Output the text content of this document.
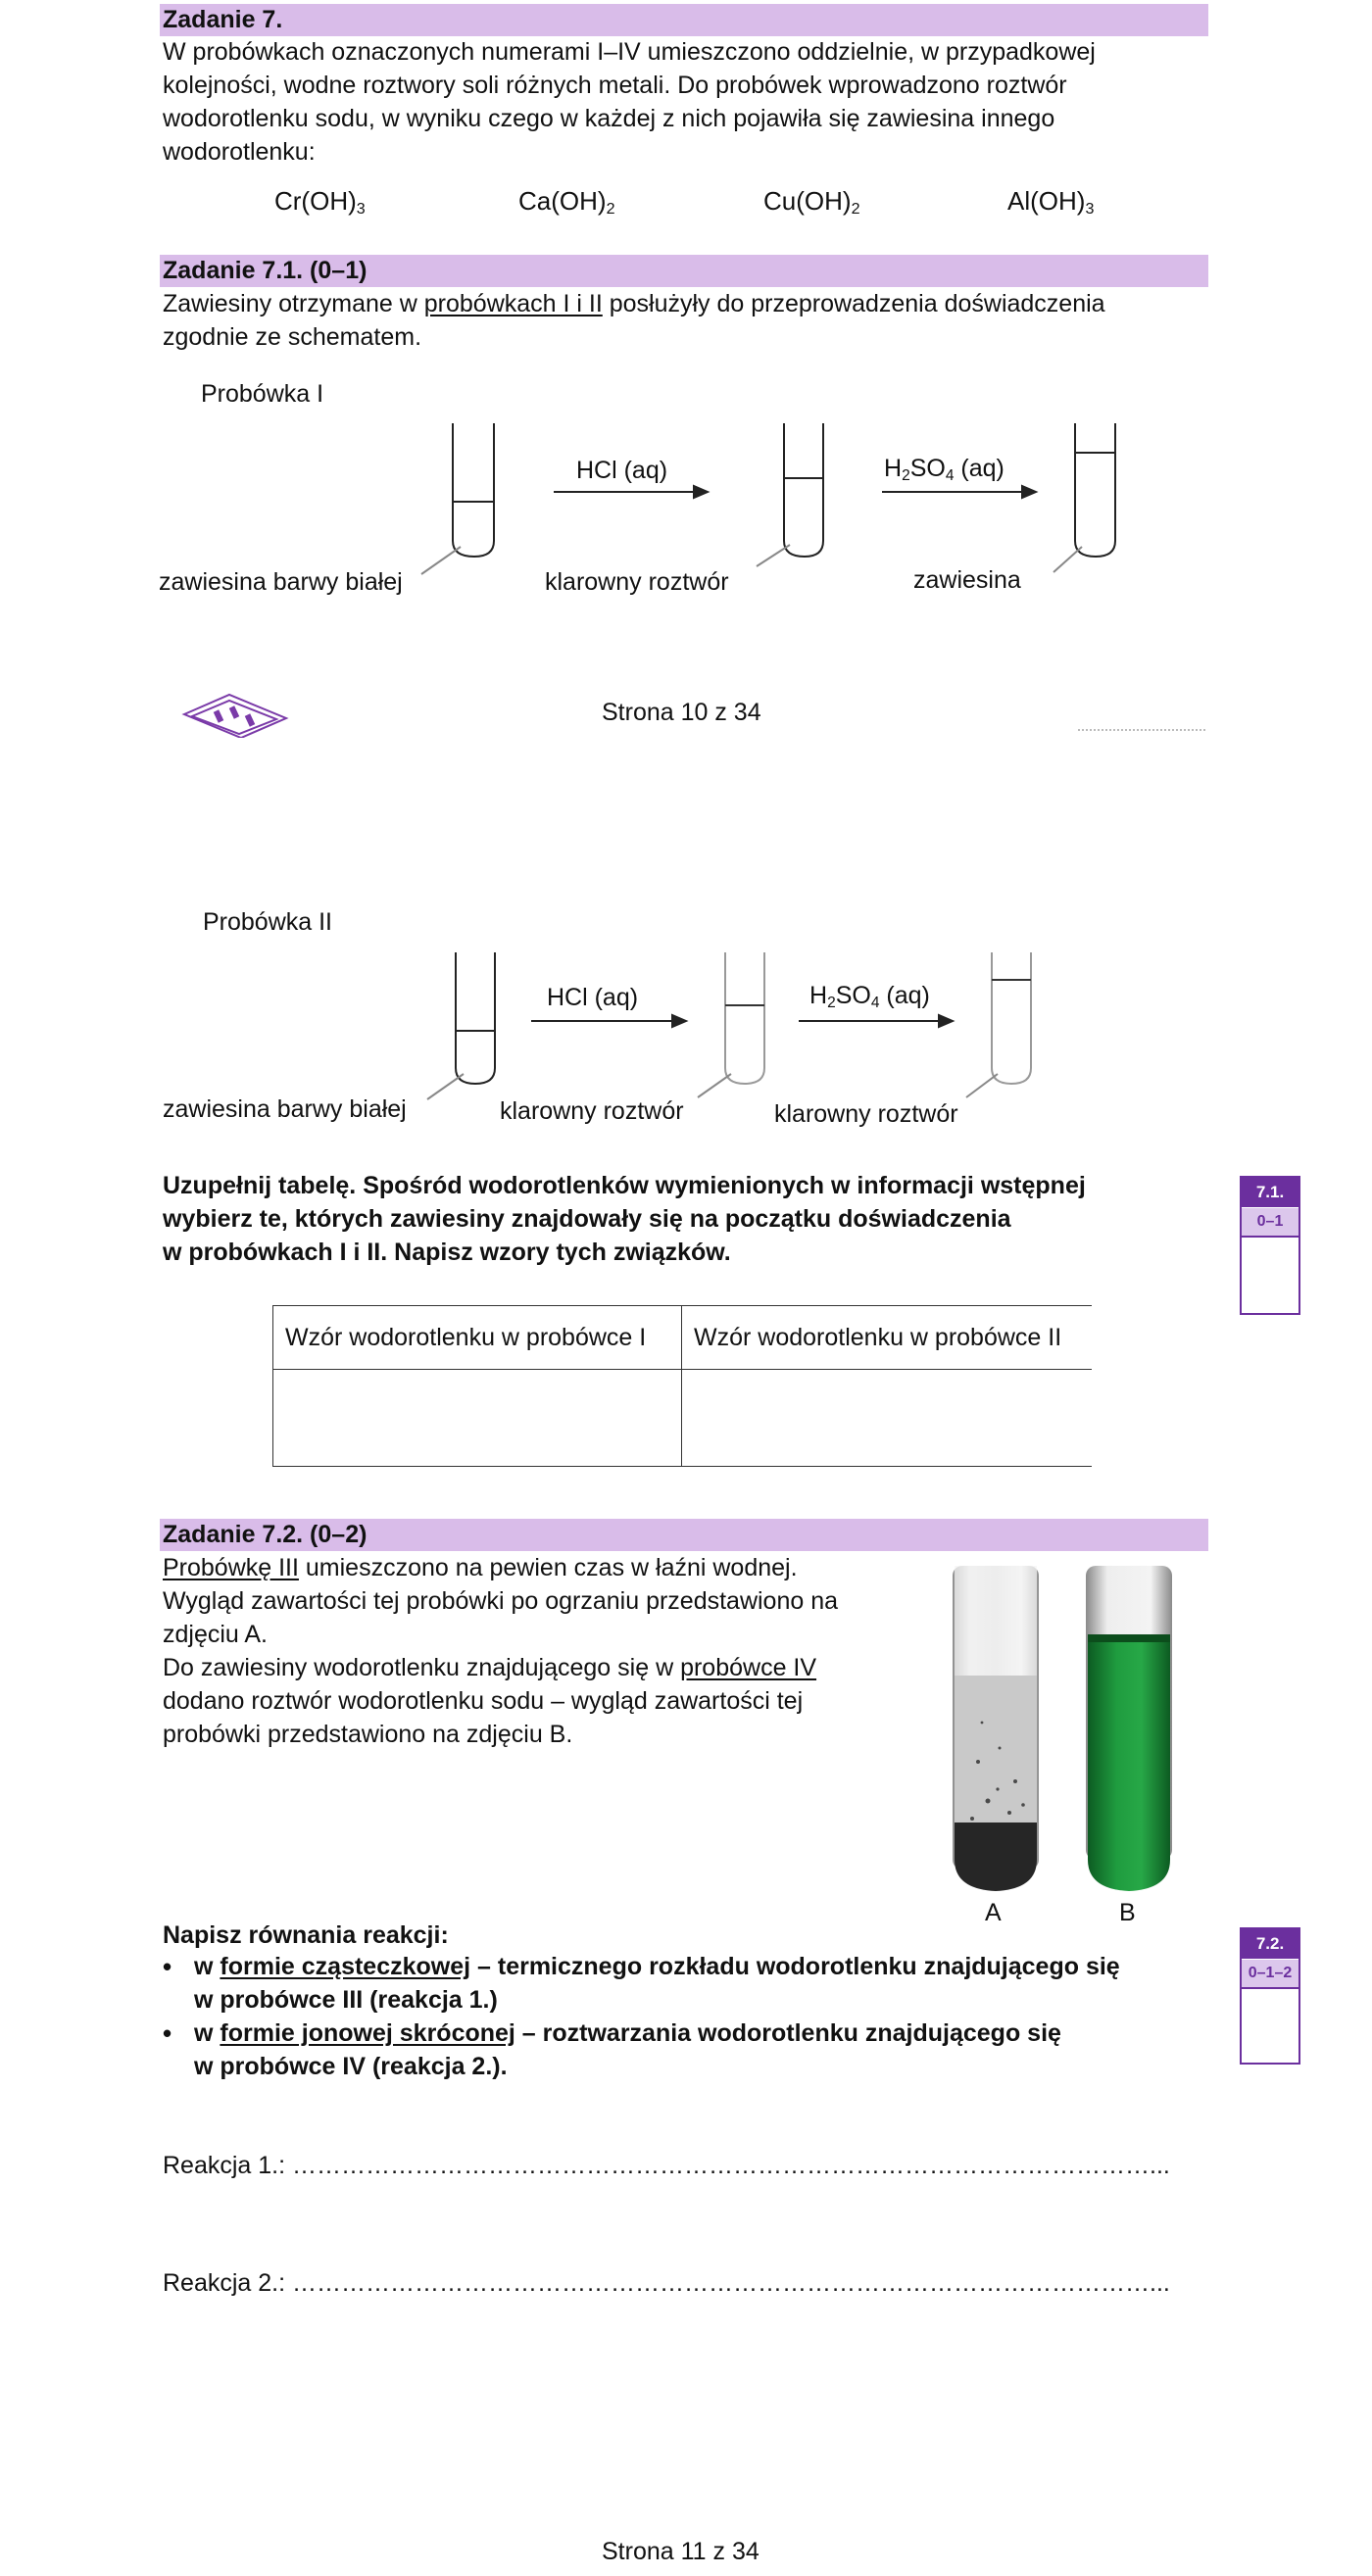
Zadanie 7.
W probówkach oznaczonych numerami I–IV umieszczono oddzielnie, w przypadkowej
kolejności, wodne roztwory soli różnych metali. Do probówek wprowadzono roztwór
wodorotlenku sodu, w wyniku czego w każdej z nich pojawiła się zawiesina innego
wodorotlenku:
$Cr(OH)_3$	$Ca(OH)_2$	$Cu(OH)_2$	$Al(OH)_3$
Zadanie 7.1. (0–1)
Zawiesiny otrzymane w probówkach I i II posłużyły do przeprowadzenia doświadczenia
zgodnie ze schematem.
Probówka I
HCl (aq)	$H_2SO_4$ (aq)
zawiesina barwy białej	klarowny roztwór	zawiesina
Strona 10 z 34
Probówka II
HCl (aq)	$H_2SO_4$ (aq)
zawiesina barwy białej	klarowny roztwór	klarowny roztwór
Uzupełnij tabelę. Spośród wodorotlenków wymienionych w informacji wstępnej
wybierz te, których zawiesiny znajdowały się na początku doświadczenia
w probówkach I i II. Napisz wzory tych związków.
7.1.
0–1
Wzór wodorotlenku w probówce I	Wzór wodorotlenku w probówce II

Zadanie 7.2. (0–2)
Probówkę III umieszczono na pewien czas w łaźni wodnej.
Wygląd zawartości tej probówki po ogrzaniu przedstawiono na
zdjęciu A.
Do zawiesiny wodorotlenku znajdującego się w probówce IV
dodano roztwór wodorotlenku sodu – wygląd zawartości tej
probówki przedstawiono na zdjęciu B.
A	B
Napisz równania reakcji:
• w formie cząsteczkowej – termicznego rozkładu wodorotlenku znajdującego się
w probówce III (reakcja 1.)
• w formie jonowej skróconej – roztwarzania wodorotlenku znajdującego się
w probówce IV (reakcja 2.).
7.2.
0–1–2
Reakcja 1.: ……………………………………………………………………………………………...
Reakcja 2.: ……………………………………………………………………………………………...
Strona 11 z 34
